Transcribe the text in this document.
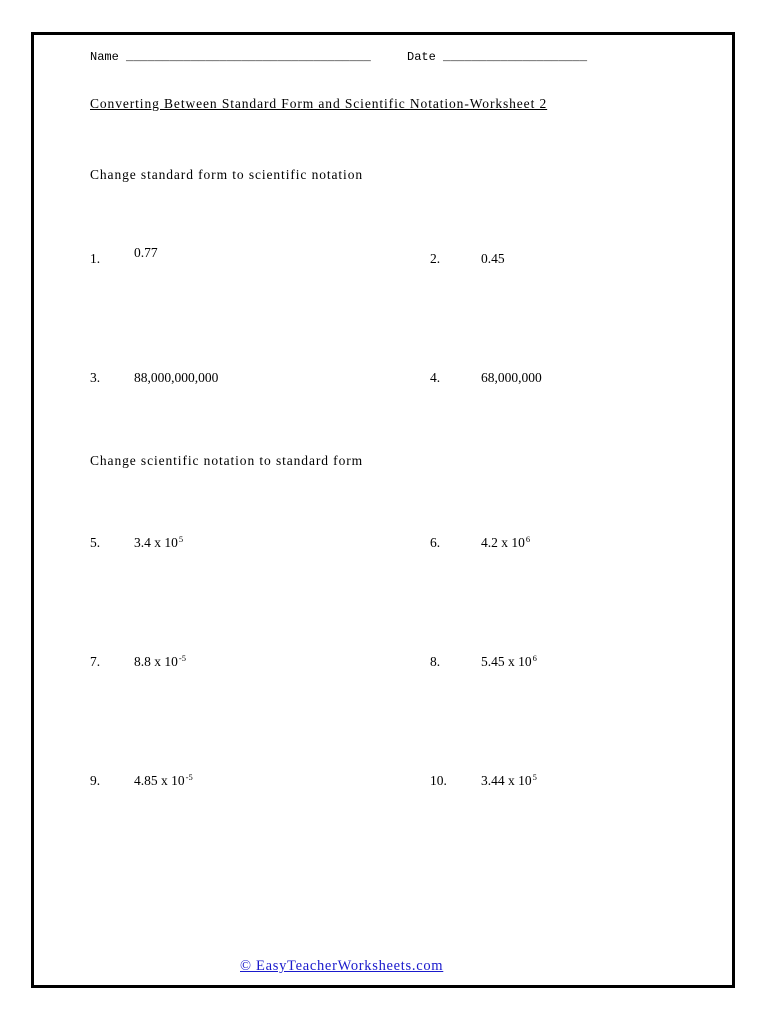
Name __________________________________	Date ____________________
Converting Between Standard Form and Scientific Notation-Worksheet 2
Change standard form to scientific notation
1.	0.77	2.	0.45
3.	88,000,000,000	4.	68,000,000
Change scientific notation to standard form
5.	3.4 x $10^5$	6.	4.2 x $10^6$
7.	8.8 x $10^{-5}$	8.	5.45 x $10^6$
9.	4.85 x $10^{-5}$	10.	3.44 x $10^5$
© EasyTeacherWorksheets.com
